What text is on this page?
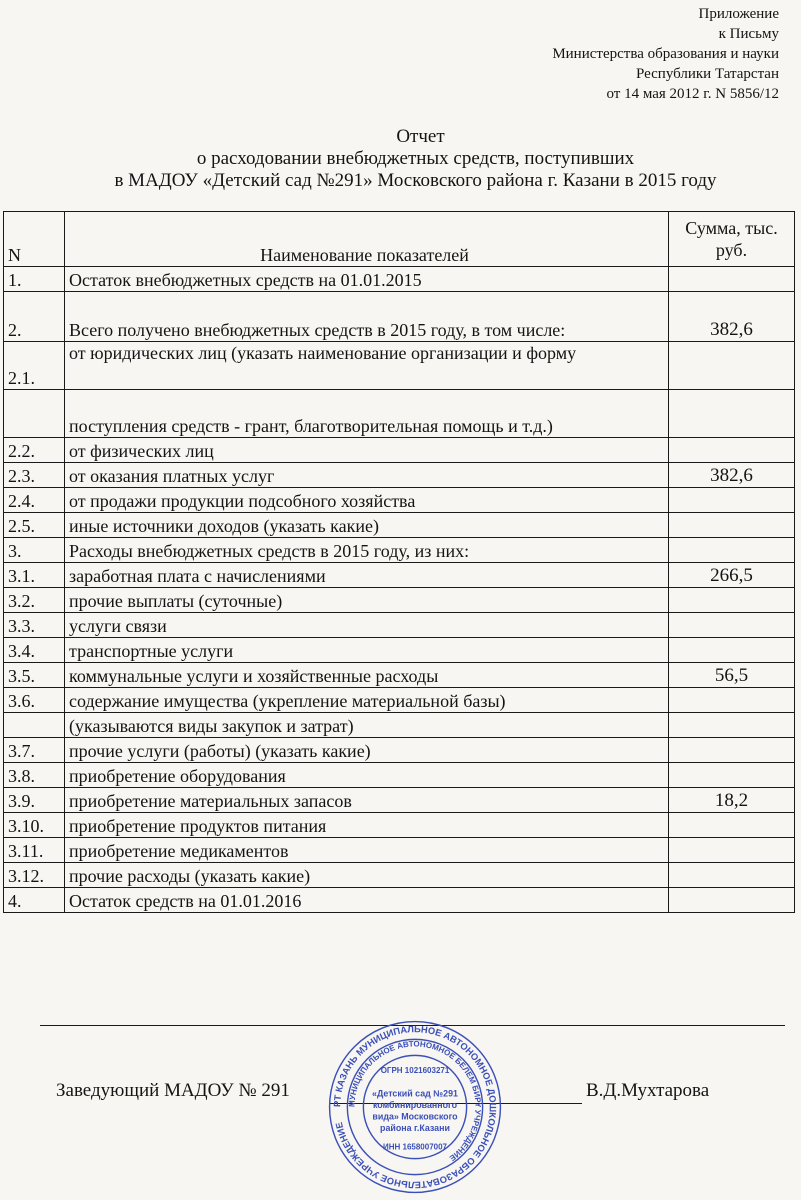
Приложение
к Письму
Министерства образования и науки
Республики Татарстан
от 14 мая 2012 г. N 5856/12
Отчет
о расходовании внебюджетных средств, поступивших
в МАДОУ «Детский сад №291» Московского района г. Казани в 2015 году
N	Наименование показателей	Сумма, тыс. руб.
1.	Остаток внебюджетных средств на 01.01.2015	
2.	Всего получено внебюджетных средств в 2015 году, в том числе:	382,6
2.1.	от юридических лиц (указать наименование организации и форму	
	поступления средств - грант, благотворительная помощь и т.д.)	
2.2.	от физических лиц	
2.3.	от оказания платных услуг	382,6
2.4.	от продажи продукции подсобного хозяйства	
2.5.	иные источники доходов (указать какие)	
3.	Расходы внебюджетных средств в 2015 году, из них:	
3.1.	заработная плата с начислениями	266,5
3.2.	прочие выплаты (суточные)	
3.3.	услуги связи	
3.4.	транспортные услуги	
3.5.	коммунальные услуги и хозяйственные расходы	56,5
3.6.	содержание имущества (укрепление материальной базы)	
	(указываются виды закупок и затрат)	
3.7.	прочие услуги (работы) (указать какие)	
3.8.	приобретение оборудования	
3.9.	приобретение материальных запасов	18,2
3.10.	приобретение продуктов питания	
3.11.	приобретение медикаментов	
3.12.	прочие расходы (указать какие)	
4.	Остаток средств на 01.01.2016	
Заведующий МАДОУ № 291	В.Д.Мухтарова
РТ КАЗАНЬ МУНИЦИПАЛЬНОЕ АВТОНОМНОЕ ДОШКОЛЬНОЕ ОБРАЗОВАТЕЛЬНОЕ УЧРЕЖДЕНИЕ
МУНИЦИПАЛЬНОЕ АВТОНОМНОЕ БЕЛЕМ БИРҮ УЧРЕЖДЕНИЕ
ОГРН 1021603271
«Детский сад №291
комбинированного
вида» Московского
района г.Казани
ИНН 1658007007
